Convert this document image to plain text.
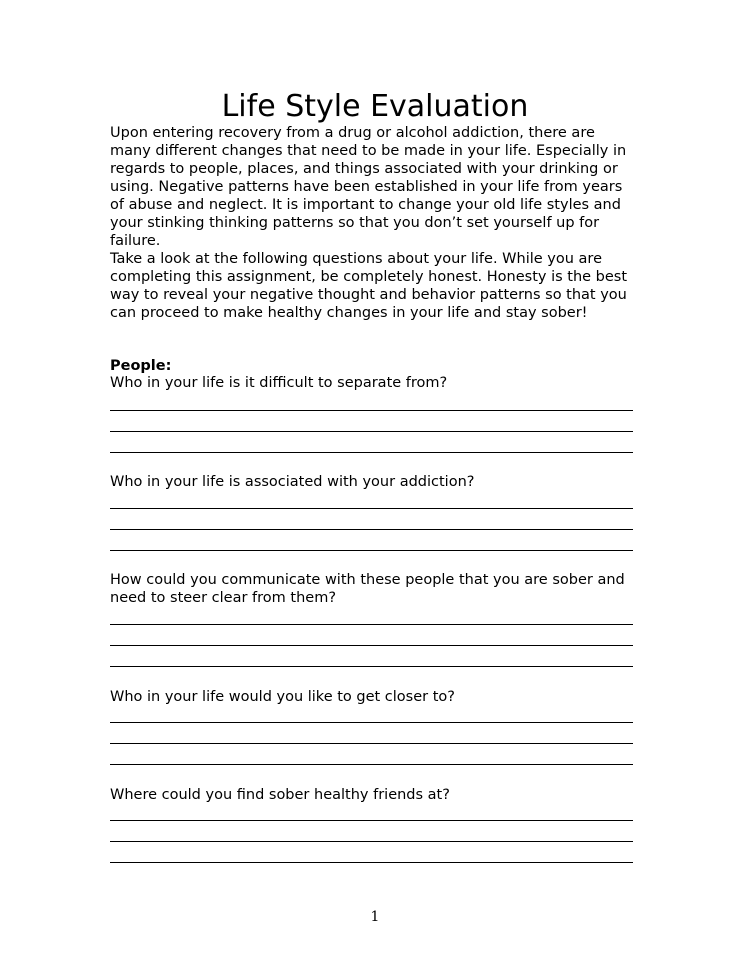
Life Style Evaluation

Upon entering recovery from a drug or alcohol addiction, there are many different changes that need to be made in your life. Especially in regards to people, places, and things associated with your drinking or using. Negative patterns have been established in your life from years of abuse and neglect. It is important to change your old life styles and your stinking thinking patterns so that you don’t set yourself up for failure.

Take a look at the following questions about your life. While you are completing this assignment, be completely honest. Honesty is the best way to reveal your negative thought and behavior patterns so that you can proceed to make healthy changes in your life and stay sober!

People:

Who in your life is it difficult to separate from?

Who in your life is associated with your addiction?

How could you communicate with these people that you are sober and need to steer clear from them?

Who in your life would you like to get closer to?

Where could you find sober healthy friends at?

1
